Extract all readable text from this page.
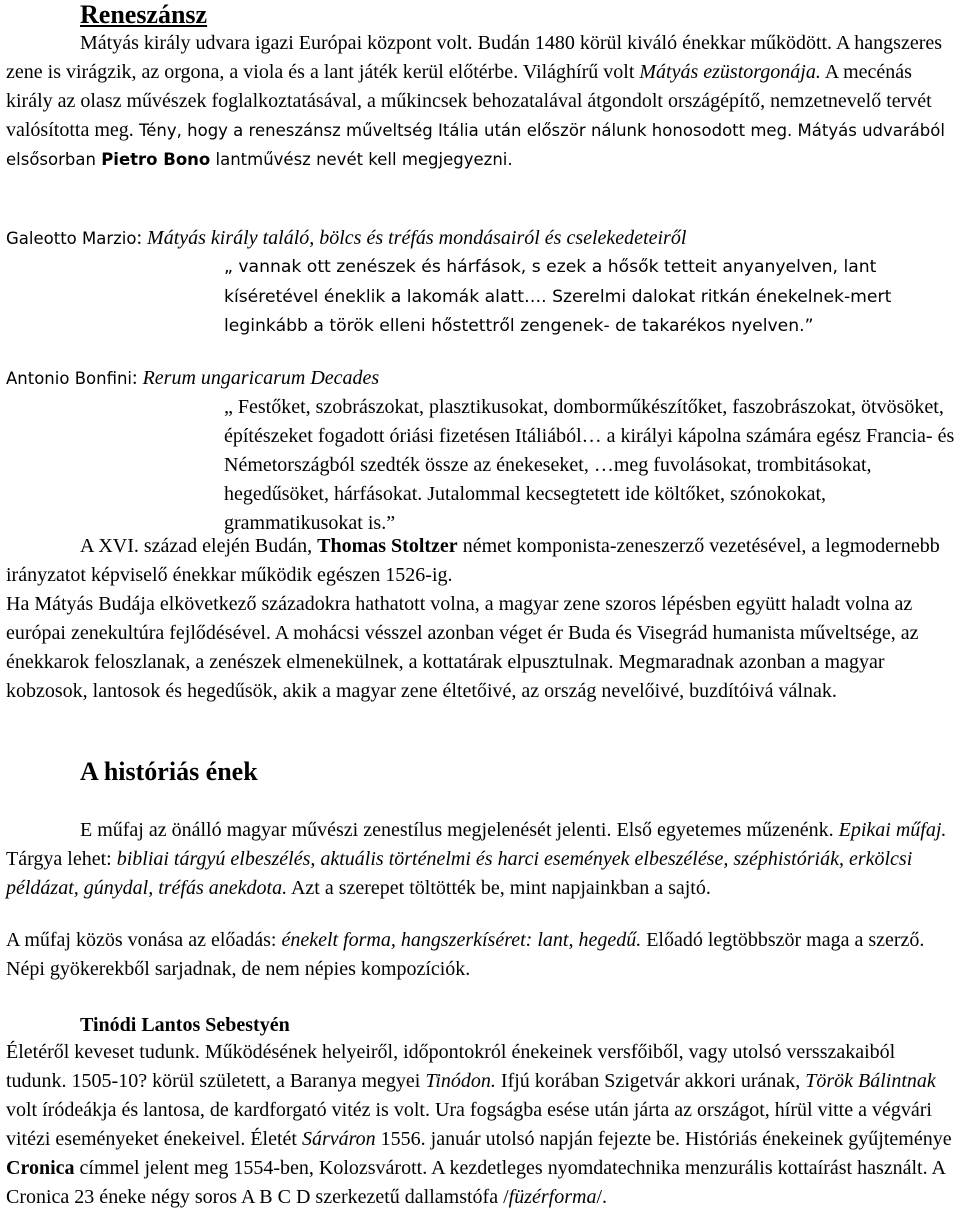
Reneszánsz
Mátyás király udvara igazi Európai központ volt. Budán 1480 körül kiváló énekkar működött. A hangszeres zene is virágzik, az orgona, a viola és a lant játék kerül előtérbe. Világhírű volt Mátyás ezüstorgonája. A mecénás király az olasz művészek foglalkoztatásával, a műkincsek behozatalával átgondolt országépítő, nemzetnevelő tervét valósította meg. Tény, hogy a reneszánsz műveltség Itália után először nálunk honosodott meg. Mátyás udvarából elsősorban Pietro Bono lantművész nevét kell megjegyezni.
Galeotto Marzio: Mátyás király találó, bölcs és tréfás mondásairól és cselekedeteiről
„ vannak ott zenészek és hárfások, s ezek a hősők tetteit anyanyelven, lant kíséretével éneklik a lakomák alatt…. Szerelmi dalokat ritkán énekelnek-mert leginkább a török elleni hőstettről zengenek- de takarékos nyelven.”
Antonio Bonfini: Rerum ungaricarum Decades
„ Festőket, szobrászokat, plasztikusokat, domborműkészítőket, faszobrászokat, ötvösöket, építészeket fogadott óriási fizetésen Itáliából… a királyi kápolna számára egész Francia- és Németországból szedték össze az énekeseket, …meg fuvolásokat, trombitásokat, hegedűsöket, hárfásokat. Jutalommal kecsegtetett ide költőket, szónokokat, grammatikusokat is.”
A XVI. század elején Budán, Thomas Stoltzer német komponista-zeneszerző vezetésével, a legmodernebb irányzatot képviselő énekkar működik egészen 1526-ig.
Ha Mátyás Budája elkövetkező századokra hathatott volna, a magyar zene szoros lépésben együtt haladt volna az európai zenekultúra fejlődésével. A mohácsi vésszel azonban véget ér Buda és Visegrád humanista műveltsége, az énekkarok feloszlanak, a zenészek elmenekülnek, a kottatárak elpusztulnak. Megmaradnak azonban a magyar kobzosok, lantosok és hegedűsök, akik a magyar zene éltetőivé, az ország nevelőivé, buzdítóivá válnak.
A históriás ének
E műfaj az önálló magyar művészi zenestílus megjelenését jelenti. Első egyetemes műzenénk. Epikai műfaj. Tárgya lehet: bibliai tárgyú elbeszélés, aktuális történelmi és harci események elbeszélése, széphistóriák, erkölcsi példázat, gúnydal, tréfás anekdota. Azt a szerepet töltötték be, mint napjainkban a sajtó.
A műfaj közös vonása az előadás: énekelt forma, hangszerkíséret: lant, hegedű. Előadó legtöbbször maga a szerző. Népi gyökerekből sarjadnak, de nem népies kompozíciók.
Tinódi Lantos Sebestyén
Életéről keveset tudunk. Működésének helyeiről, időpontokról énekeinek versfőiből, vagy utolsó versszakaiból tudunk. 1505-10? körül született, a Baranya megyei Tinódon. Ifjú korában Szigetvár akkori urának, Török Bálintnak volt íródeákja és lantosa, de kardforgató vitéz is volt. Ura fogságba esése után járta az országot, hírül vitte a végvári vitézi eseményeket énekeivel. Életét Sárváron 1556. január utolsó napján fejezte be. Históriás énekeinek gyűjteménye Cronica címmel jelent meg 1554-ben, Kolozsvárott. A kezdetleges nyomdatechnika menzurális kottaírást használt. A Cronica 23 éneke négy soros A B C D szerkezetű dallamstófa /füzérforma/.
